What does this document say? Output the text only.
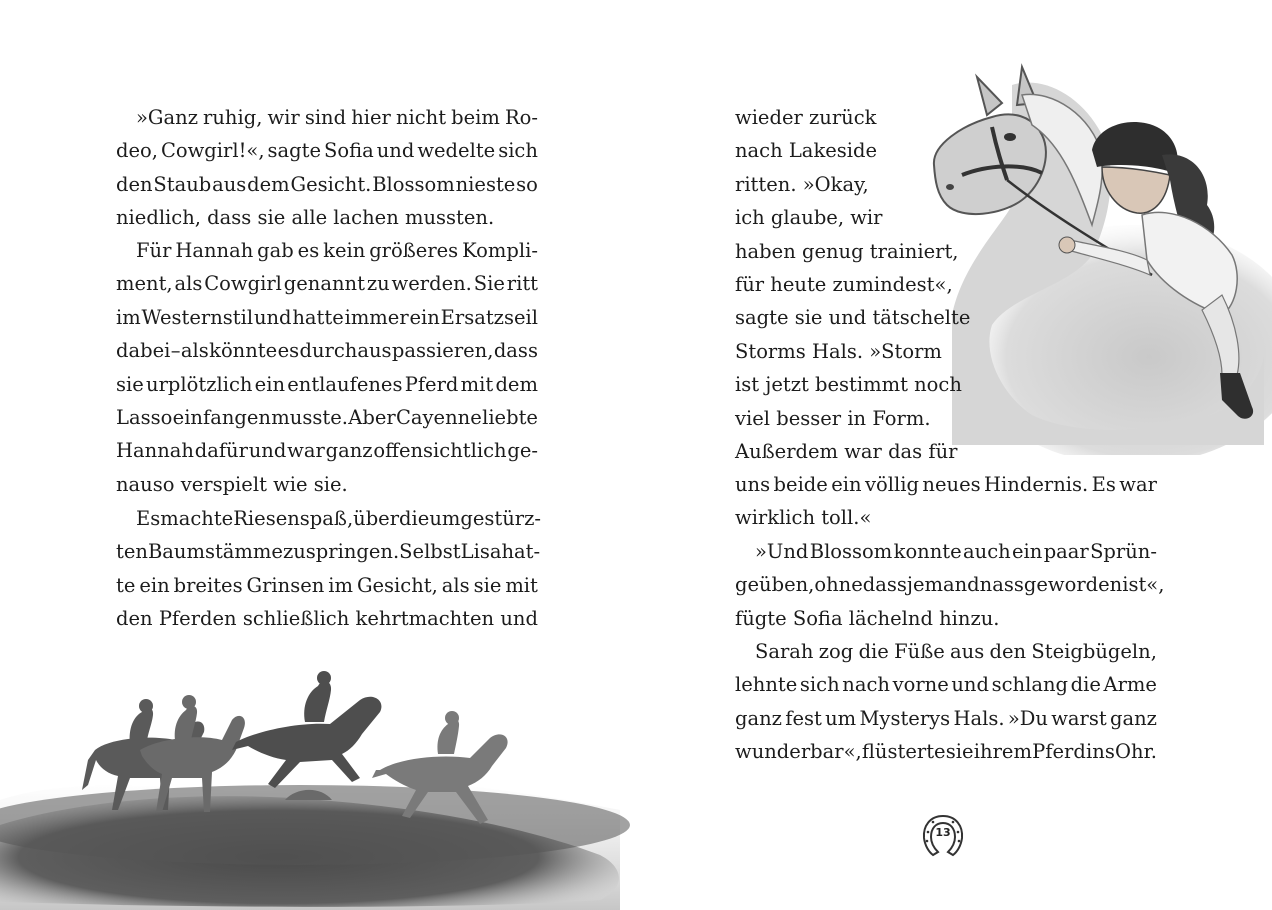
»Ganz ruhig, wir sind hier nicht beim Ro-
deo, Cowgirl!«, sagte Sofia und wedelte sich
den Staub aus dem Gesicht. Blossom nieste so
niedlich, dass sie alle lachen mussten.
Für Hannah gab es kein größeres Kompli-
ment, als Cowgirl genannt zu werden. Sie ritt
im Westernstil und hatte immer ein Ersatzseil
dabei – als könnte es durchaus passieren, dass
sie urplötzlich ein entlaufenes Pferd mit dem
Lasso einfangen musste. Aber Cayenne liebte
Hannah dafür und war ganz offensichtlich ge-
nauso verspielt wie sie.
Es machte Riesenspaß, über die umgestürz-
ten Baumstämme zu springen. Selbst Lisa hat-
te ein breites Grinsen im Gesicht, als sie mit
den Pferden schließlich kehrtmachten und
wieder zurück
nach Lakeside
ritten. »Okay,
ich glaube, wir
haben genug trainiert,
für heute zumindest«,
sagte sie und tätschelte
Storms Hals. »Storm
ist jetzt bestimmt noch
viel besser in Form.
Außerdem war das für
uns beide ein völlig neues Hindernis. Es war
wirklich toll.«
»Und Blossom konnte auch ein paar Sprün-
ge üben, ohne dass jemand nass geworden ist«,
fügte Sofia lächelnd hinzu.
Sarah zog die Füße aus den Steigbügeln,
lehnte sich nach vorne und schlang die Arme
ganz fest um Mysterys Hals. »Du warst ganz
wunderbar«, flüsterte sie ihrem Pferd ins Ohr.
13
